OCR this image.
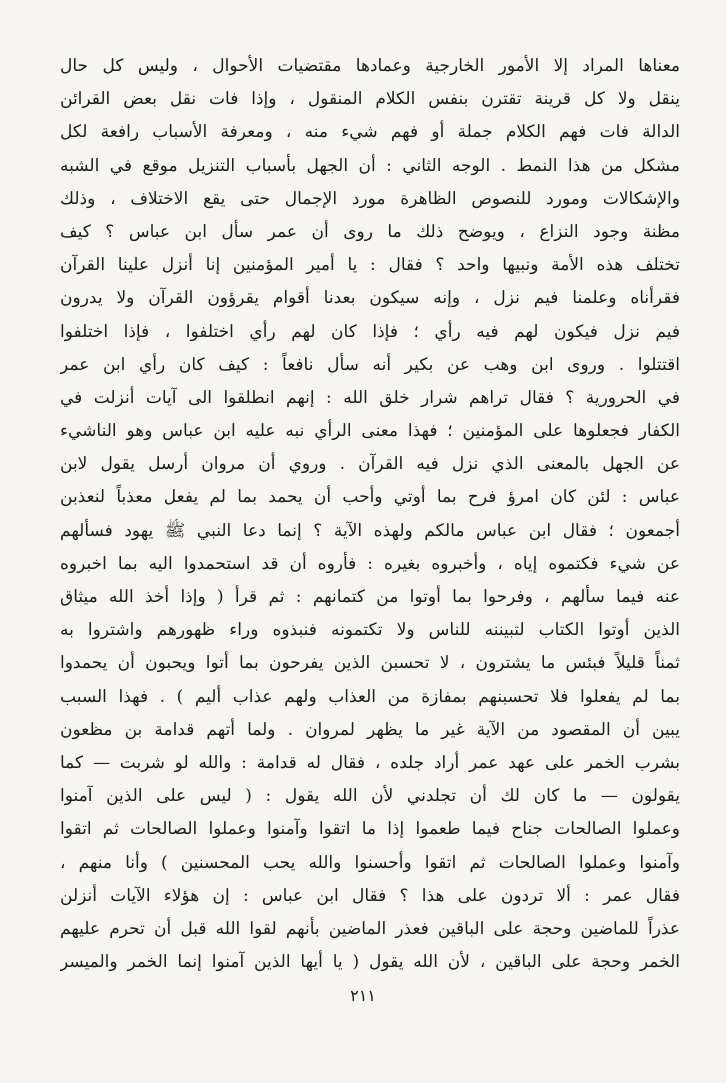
معناها المراد إلا الأمور الخارجية وعمادها مقتضيات الأحوال ، وليس كل حال
ينقل ولا كل قرينة تقترن بنفس الكلام المنقول ، وإذا فات نقل بعض القرائن
الدالة فات فهم الكلام جملة أو فهم شيء منه ، ومعرفة الأسباب رافعة لكل
مشكل من هذا النمط . الوجه الثاني : أن الجهل بأسباب التنزيل موقع في الشبه
والإشكالات ومورد للنصوص الظاهرة مورد الإجمال حتى يقع الاختلاف ، وذلك
مظنة وجود النزاع ، ويوضح ذلك ما روى أن عمر سأل ابن عباس ؟ كيف
تختلف هذه الأمة ونبيها واحد ؟ فقال : يا أمير المؤمنين إنا أنزل علينا القرآن
فقرأناه وعلمنا فيم نزل ، وإنه سيكون بعدنا أقوام يقرؤون القرآن ولا يدرون
فيم نزل فيكون لهم فيه رأي ؛ فإذا كان لهم رأي اختلفوا ، فإذا اختلفوا
اقتتلوا . وروى ابن وهب عن بكير أنه سأل نافعاً : كيف كان رأي ابن عمر
في الحرورية ؟ فقال تراهم شرار خلق الله : إنهم انطلقوا الى آيات أنزلت في
الكفار فجعلوها على المؤمنين ؛ فهذا معنى الرأي نبه عليه ابن عباس وهو الناشيء
عن الجهل بالمعنى الذي نزل فيه القرآن . وروي أن مروان أرسل يقول لابن
عباس : لئن كان امرؤ فرح بما أوتي وأحب أن يحمد بما لم يفعل معذباً لنعذبن
أجمعون ؛ فقال ابن عباس مالكم ولهذه الآية ؟ إنما دعا النبي ﷺ يهود فسألهم
عن شيء فكتموه إياه ، وأخبروه بغيره : فأروه أن قد استحمدوا اليه بما اخبروه
عنه فيما سألهم ، وفرحوا بما أوتوا من كتمانهم : ثم قرأ ( وإذا أخذ الله ميثاق
الذين أوتوا الكتاب لتبيننه للناس ولا تكتمونه فنبذوه وراء ظهورهم واشتروا به
ثمناً قليلاً فبئس ما يشترون ، لا تحسبن الذين يفرحون بما أتوا ويحبون أن يحمدوا
بما لم يفعلوا فلا تحسبنهم بمفازة من العذاب ولهم عذاب أليم ) . فهذا السبب
يبين أن المقصود من الآية غير ما يظهر لمروان . ولما أتهم قدامة بن مظعون
بشرب الخمر على عهد عمر أراد جلده ، فقال له قدامة : والله لو شربت — كما
يقولون — ما كان لك أن تجلدني لأن الله يقول : ( ليس على الذين آمنوا
وعملوا الصالحات جناح فيما طعموا إذا ما اتقوا وآمنوا وعملوا الصالحات ثم اتقوا
وآمنوا وعملوا الصالحات ثم اتقوا وأحسنوا والله يحب المحسنين ) وأنا منهم ،
فقال عمر : ألا تردون على هذا ؟ فقال ابن عباس : إن هؤلاء الآيات أنزلن
عذراً للماضين وحجة على الباقين فعذر الماضين بأنهم لقوا الله قبل أن تحرم عليهم
الخمر وحجة على الباقين ، لأن الله يقول ( يا أيها الذين آمنوا إنما الخمر والميسر
٢١١
